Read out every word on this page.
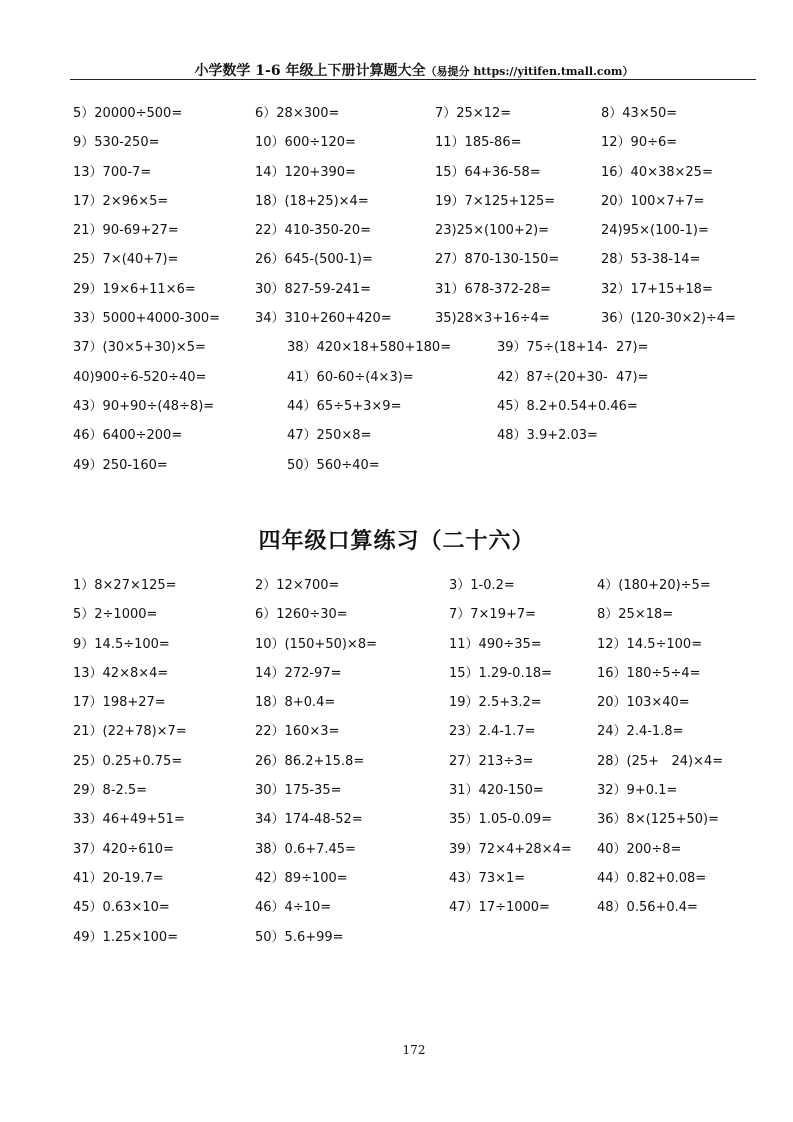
小学数学 1-6 年级上下册计算题大全（易提分 https://yitifen.tmall.com）
5）20000÷500=	6）28×300=	7）25×12=	8）43×50=
9）530-250=	10）600÷120=	11）185-86=	12）90÷6=
13）700-7=	14）120+390=	15）64+36-58=	16）40×38×25=
17）2×96×5=	18）(18+25)×4=	19）7×125+125=	20）100×7+7=
21）90-69+27=	22）410-350-20=	23)25×(100+2)=	24)95×(100-1)=
25）7×(40+7)=	26）645-(500-1)=	27）870-130-150=	28）53-38-14=
29）19×6+11×6=	30）827-59-241=	31）678-372-28=	32）17+15+18=
33）5000+4000-300=	34）310+260+420=	35)28×3+16÷4=	36）(120-30×2)÷4=
37）(30×5+30)×5=	38）420×18+580+180=	39）75÷(18+14-  27)=
40)900÷6-520÷40=	41）60-60÷(4×3)=	42）87÷(20+30-  47)=
43）90+90÷(48÷8)=	44）65÷5+3×9=	45）8.2+0.54+0.46=
46）6400÷200=	47）250×8=	48）3.9+2.03=
49）250-160=	50）560÷40=
四年级口算练习（二十六）
1）8×27×125=	2）12×700=	3）1-0.2=	4）(180+20)÷5=
5）2÷1000=	6）1260÷30=	7）7×19+7=	8）25×18=
9）14.5÷100=	10）(150+50)×8=	11）490÷35=	12）14.5÷100=
13）42×8×4=	14）272-97=	15）1.29-0.18=	16）180÷5÷4=
17）198+27=	18）8+0.4=	19）2.5+3.2=	20）103×40=
21）(22+78)×7=	22）160×3=	23）2.4-1.7=	24）2.4-1.8=
25）0.25+0.75=	26）86.2+15.8=	27）213÷3=	28）(25+   24)×4=
29）8-2.5=	30）175-35=	31）420-150=	32）9+0.1=
33）46+49+51=	34）174-48-52=	35）1.05-0.09=	36）8×(125+50)=
37）420÷610=	38）0.6+7.45=	39）72×4+28×4= 40）200÷8=
41）20-19.7=	42）89÷100=	43）73×1=	44）0.82+0.08=
45）0.63×10=	46）4÷10=	47）17÷1000=	48）0.56+0.4=
49）1.25×100=	50）5.6+99=
172
